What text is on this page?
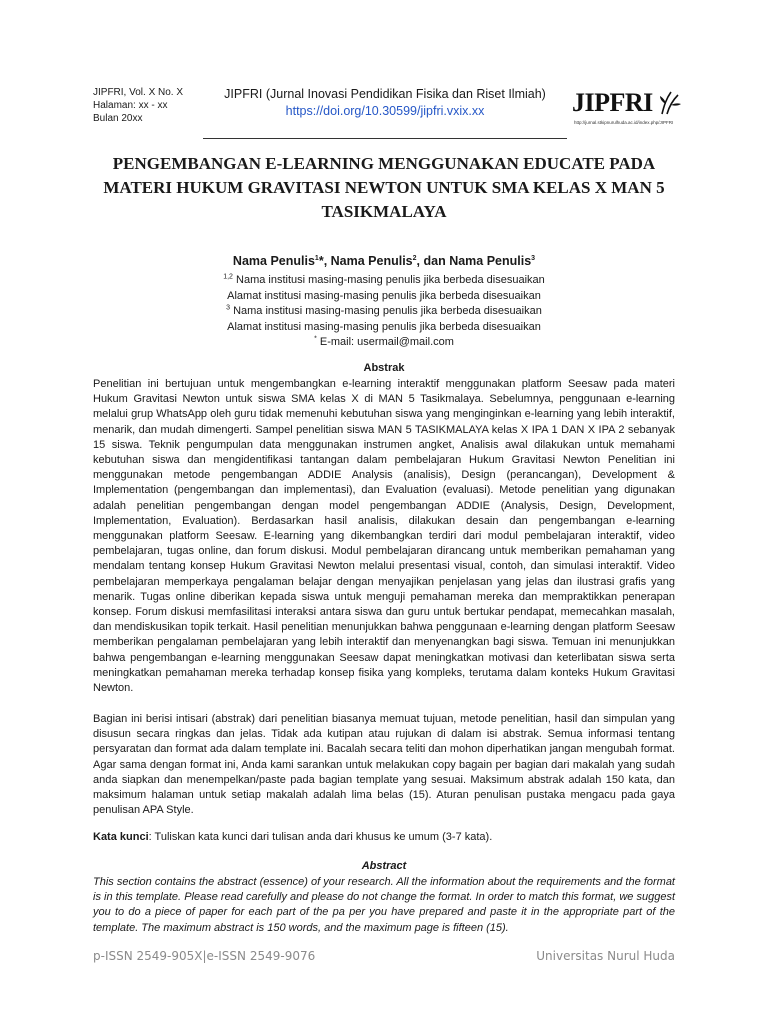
JIPFRI, Vol. X No. X
Halaman: xx - xx
Bulan 20xx
JIPFRI (Jurnal Inovasi Pendidikan Fisika dan Riset Ilmiah)
https://doi.org/10.30599/jipfri.vxix.xx	JIPFRI
http://jurnal.stkipnurulhuda.ac.id/index.php/JIPFRI
PENGEMBANGAN E-LEARNING MENGGUNAKAN EDUCATE PADA MATERI HUKUM GRAVITASI NEWTON UNTUK SMA KELAS X MAN 5 TASIKMALAYA
Nama Penulis$^1$*, Nama Penulis$^2$, dan Nama Penulis$^3$
$^{1,2}$ Nama institusi masing-masing penulis jika berbeda disesuaikan
Alamat institusi masing-masing penulis jika berbeda disesuaikan
$^3$ Nama institusi masing-masing penulis jika berbeda disesuaikan
Alamat institusi masing-masing penulis jika berbeda disesuaikan
* E-mail: usermail@mail.com
Abstrak

Penelitian ini bertujuan untuk mengembangkan e-learning interaktif menggunakan platform Seesaw pada materi Hukum Gravitasi Newton untuk siswa SMA kelas X di MAN 5 Tasikmalaya. Sebelumnya, penggunaan e-learning melalui grup WhatsApp oleh guru tidak memenuhi kebutuhan siswa yang menginginkan e-learning yang lebih interaktif, menarik, dan mudah dimengerti. Sampel penelitian siswa MAN 5 TASIKMALAYA kelas X IPA 1 DAN X IPA 2 sebanyak 15 siswa. Teknik pengumpulan data menggunakan instrumen angket, Analisis awal dilakukan untuk memahami kebutuhan siswa dan mengidentifikasi tantangan dalam pembelajaran Hukum Gravitasi Newton Penelitian ini menggunakan metode pengembangan ADDIE Analysis (analisis), Design (perancangan), Development & Implementation (pengembangan dan implementasi), dan Evaluation (evaluasi). Metode penelitian yang digunakan adalah penelitian pengembangan dengan model pengembangan ADDIE (Analysis, Design, Development, Implementation, Evaluation). Berdasarkan hasil analisis, dilakukan desain dan pengembangan e-learning menggunakan platform Seesaw. E-learning yang dikembangkan terdiri dari modul pembelajaran interaktif, video pembelajaran, tugas online, dan forum diskusi. Modul pembelajaran dirancang untuk memberikan pemahaman yang mendalam tentang konsep Hukum Gravitasi Newton melalui presentasi visual, contoh, dan simulasi interaktif. Video pembelajaran memperkaya pengalaman belajar dengan menyajikan penjelasan yang jelas dan ilustrasi grafis yang menarik. Tugas online diberikan kepada siswa untuk menguji pemahaman mereka dan mempraktikkan penerapan konsep. Forum diskusi memfasilitasi interaksi antara siswa dan guru untuk bertukar pendapat, memecahkan masalah, dan mendiskusikan topik terkait. Hasil penelitian menunjukkan bahwa penggunaan e-learning dengan platform Seesaw memberikan pengalaman pembelajaran yang lebih interaktif dan menyenangkan bagi siswa. Temuan ini menunjukkan bahwa pengembangan e-learning menggunakan Seesaw dapat meningkatkan motivasi dan keterlibatan siswa serta meningkatkan pemahaman mereka terhadap konsep fisika yang kompleks, terutama dalam konteks Hukum Gravitasi Newton.

Bagian ini berisi intisari (abstrak) dari penelitian biasanya memuat tujuan, metode penelitian, hasil dan simpulan yang disusun secara ringkas dan jelas. Tidak ada kutipan atau rujukan di dalam isi abstrak. Semua informasi tentang persyaratan dan format ada dalam template ini. Bacalah secara teliti dan mohon diperhatikan jangan mengubah format. Agar sama dengan format ini, Anda kami sarankan untuk melakukan copy bagain per bagian dari makalah yang sudah anda siapkan dan menempelkan/paste pada bagian template yang sesuai. Maksimum abstrak adalah 150 kata, dan maksimum halaman untuk setiap makalah adalah lima belas (15). Aturan penulisan pustaka mengacu pada gaya penulisan APA Style.

Kata kunci: Tuliskan kata kunci dari tulisan anda dari khusus ke umum (3-7 kata).

Abstract

This section contains the abstract (essence) of your research. All the information about the requirements and the format is in this template. Please read carefully and please do not change the format. In order to match this format, we suggest you to do a piece of paper for each part of the pa per you have prepared and paste it in the appropriate part of the template. The maximum abstract is 150 words, and the maximum page is fifteen (15).

p-ISSN 2549-905X|e-ISSN 2549-9076	Universitas Nurul Huda
